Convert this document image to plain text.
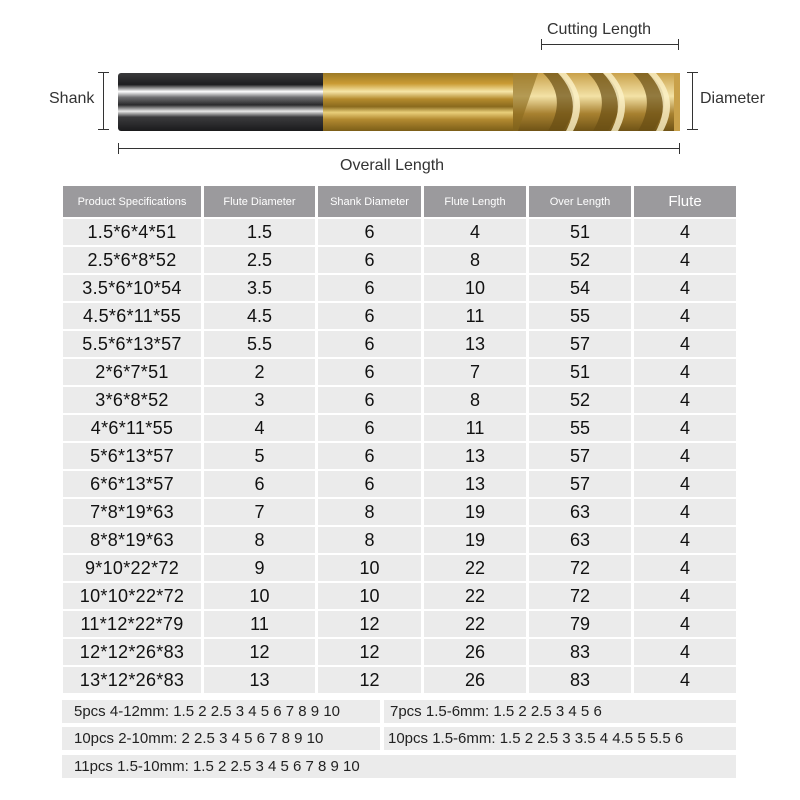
Cutting Length
Shank	Diameter
Overall Length
Product Specifications	Flute Diameter	Shank Diameter	Flute Length	Over Length	Flute
1.5*6*4*51	1.5	6	4	51	4
2.5*6*8*52	2.5	6	8	52	4
3.5*6*10*54	3.5	6	10	54	4
4.5*6*11*55	4.5	6	11	55	4
5.5*6*13*57	5.5	6	13	57	4
2*6*7*51	2	6	7	51	4
3*6*8*52	3	6	8	52	4
4*6*11*55	4	6	11	55	4
5*6*13*57	5	6	13	57	4
6*6*13*57	6	6	13	57	4
7*8*19*63	7	8	19	63	4
8*8*19*63	8	8	19	63	4
9*10*22*72	9	10	22	72	4
10*10*22*72	10	10	22	72	4
11*12*22*79	11	12	22	79	4
12*12*26*83	12	12	26	83	4
13*12*26*83	13	12	26	83	4
5pcs 4-12mm: 1.5 2 2.5 3 4 5 6 7 8 9 10	7pcs 1.5-6mm: 1.5 2 2.5 3 4 5 6
10pcs 2-10mm: 2 2.5 3 4 5 6 7 8 9 10	10pcs 1.5-6mm: 1.5 2 2.5 3 3.5 4 4.5 5 5.5 6
11pcs 1.5-10mm: 1.5 2 2.5 3 4 5 6 7 8 9 10
